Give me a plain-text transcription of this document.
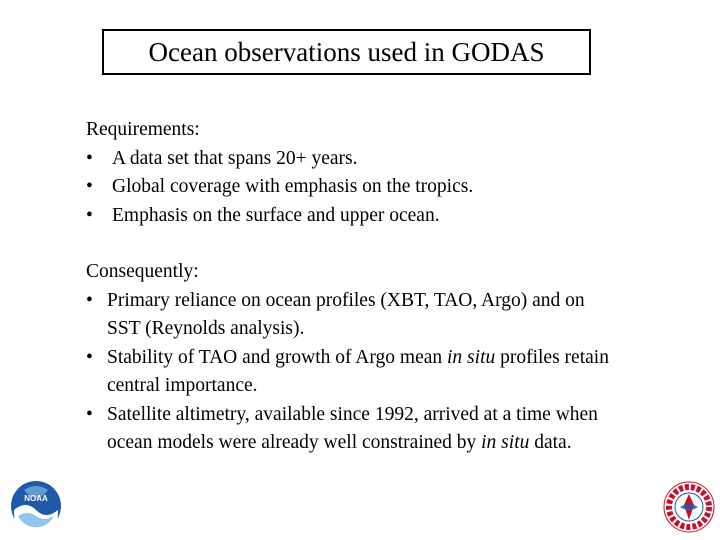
Ocean observations used in GODAS
Requirements:
• A data set that spans 20+ years.
• Global coverage with emphasis on the tropics.
• Emphasis on the surface and upper ocean.
Consequently:
• Primary reliance on ocean profiles (XBT, TAO, Argo) and on SST (Reynolds analysis).
• Stability of TAO and growth of Argo mean in situ profiles retain central importance.
• Satellite altimetry, available since 1992, arrived at a time when ocean models were already well constrained by in situ data.
NOAA
